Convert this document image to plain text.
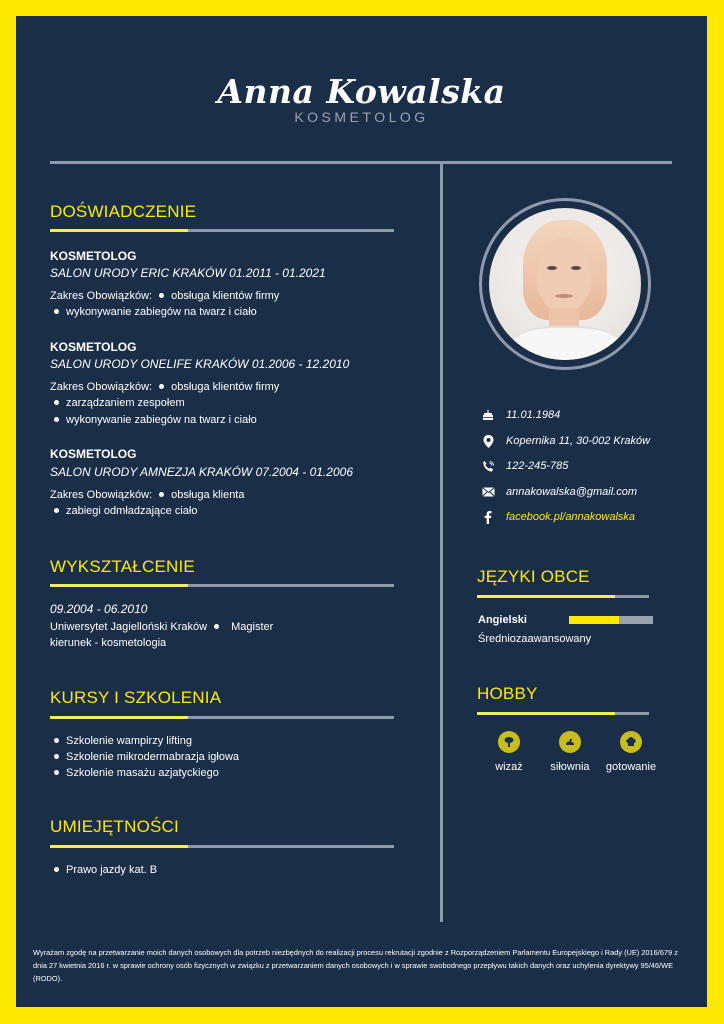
Anna Kowalska
KOSMETOLOG
DOŚWIADCZENIE
KOSMETOLOG
SALON URODY ERIC KRAKÓW 01.2011 - 01.2021
Zakres Obowiązków: obsługa klientów firmy
wykonywanie zabiegów na twarz i ciało
KOSMETOLOG
SALON URODY ONELIFE KRAKÓW 01.2006 - 12.2010
Zakres Obowiązków: obsługa klientów firmy
zarządzaniem zespołem
wykonywanie zabiegów na twarz i ciało
KOSMETOLOG
SALON URODY AMNEZJA KRAKÓW 07.2004 - 01.2006
Zakres Obowiązków: obsługa klienta
zabiegi odmładzające ciało
WYKSZTAŁCENIE
09.2004 - 06.2010
Uniwersytet Jagielloński Kraków Magister
kierunek - kosmetologia
KURSY I SZKOLENIA
Szkolenie wampirzy lifting
Szkolenie mikrodermabrazja igłowa
Szkolenie masażu azjatyckiego
UMIEJĘTNOŚCI
Prawo jazdy kat. B
11.01.1984
Kopernika 11, 30-002 Kraków
122-245-785
annakowalska@gmail.com
facebook.pl/annakowalska
JĘZYKI OBCE
Angielski
Średniozaawansowany
HOBBY
wizaż	siłownia	gotowanie
Wyrażam zgodę na przetwarzanie moich danych osobowych dla potrzeb niezbędnych do realizacji procesu rekrutacji zgodnie z Rozporządzeniem Parlamentu Europejskiego i Rady (UE) 2016/679 z dnia 27 kwietnia 2016 r. w sprawie ochrony osób fizycznych w związku z przetwarzaniem danych osobowych i w sprawie swobodnego przepływu takich danych oraz uchylenia dyrektywy 95/46/WE (RODO).
